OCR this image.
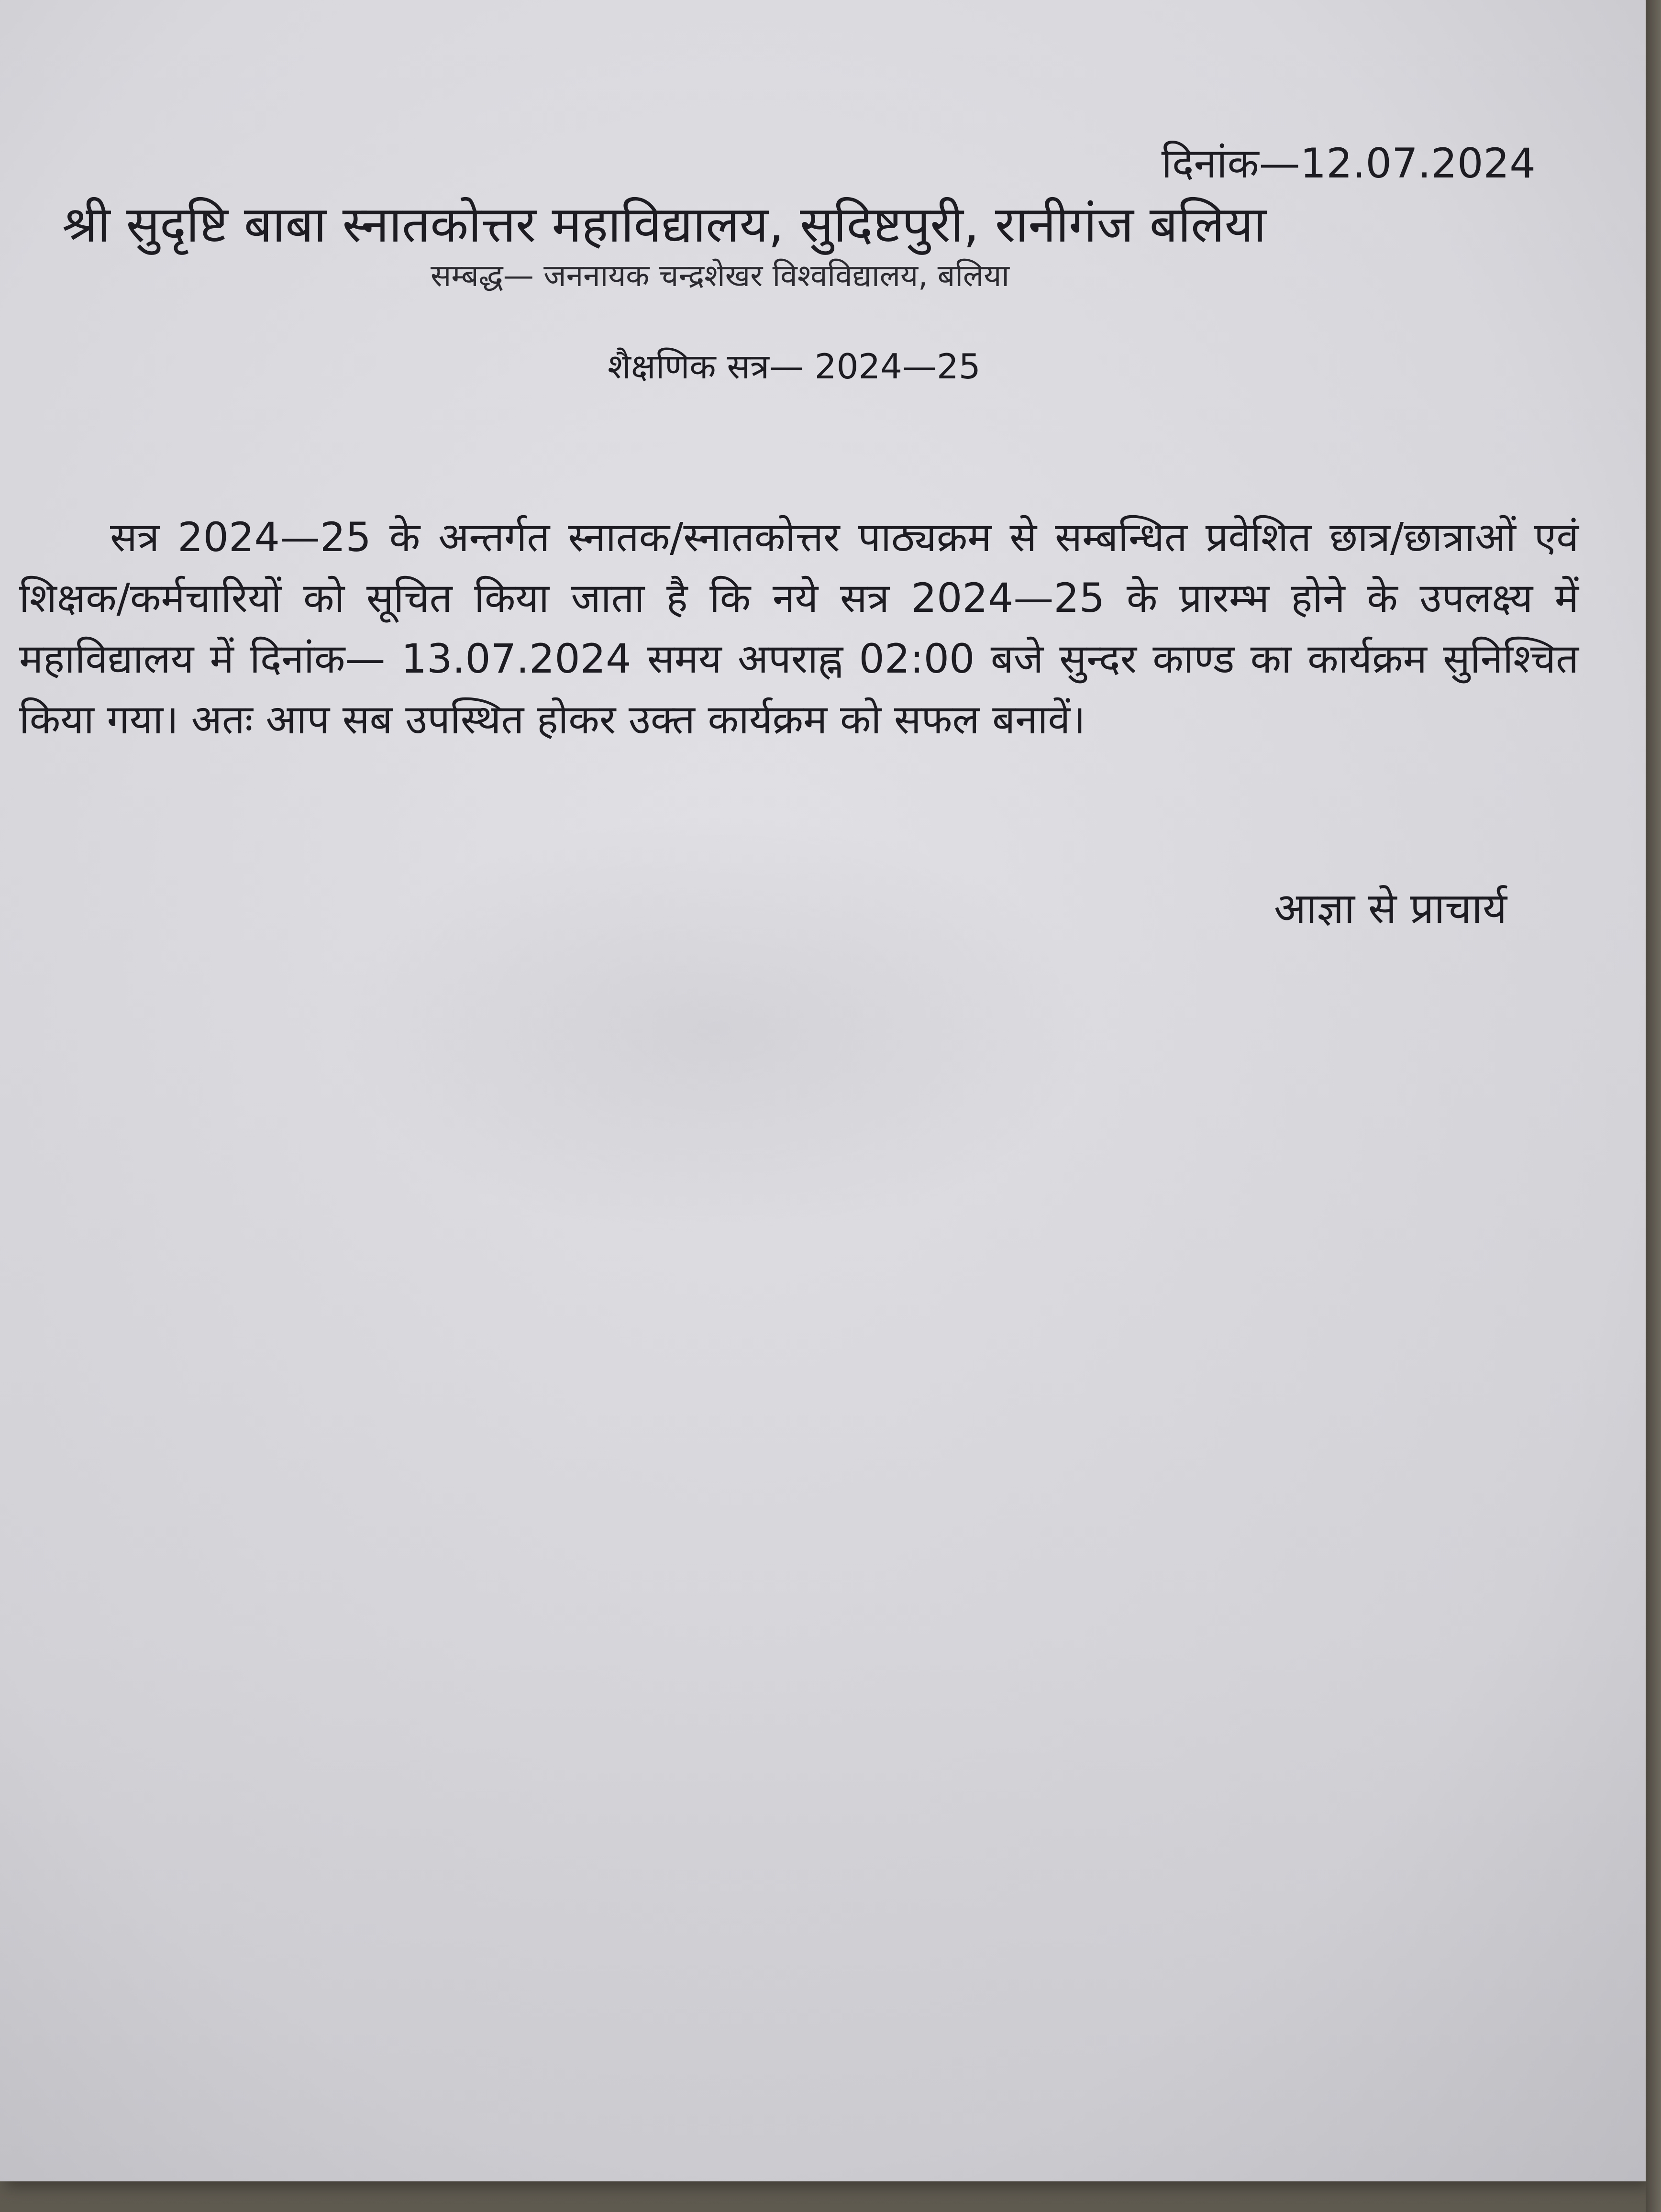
दिनांक—12.07.2024
श्री सुदृष्टि बाबा स्नातकोत्तर महाविद्यालय, सुदिष्टपुरी, रानीगंज बलिया
सम्बद्ध— जननायक चन्द्रशेखर विश्वविद्यालय, बलिया
शैक्षणिक सत्र— 2024—25
सत्र 2024—25 के अन्तर्गत स्नातक/स्नातकोत्तर पाठ्यक्रम से सम्बन्धित प्रवेशित छात्र/छात्राओं एवं शिक्षक/कर्मचारियों को सूचित किया जाता है कि नये सत्र 2024—25 के प्रारम्भ होने के उपलक्ष्य में महाविद्यालय में दिनांक— 13.07.2024 समय अपराह्न 02:00 बजे सुन्दर काण्ड का कार्यक्रम सुनिश्चित किया गया। अतः आप सब उपस्थित होकर उक्त कार्यक्रम को सफल बनावें।
आज्ञा से प्राचार्य
